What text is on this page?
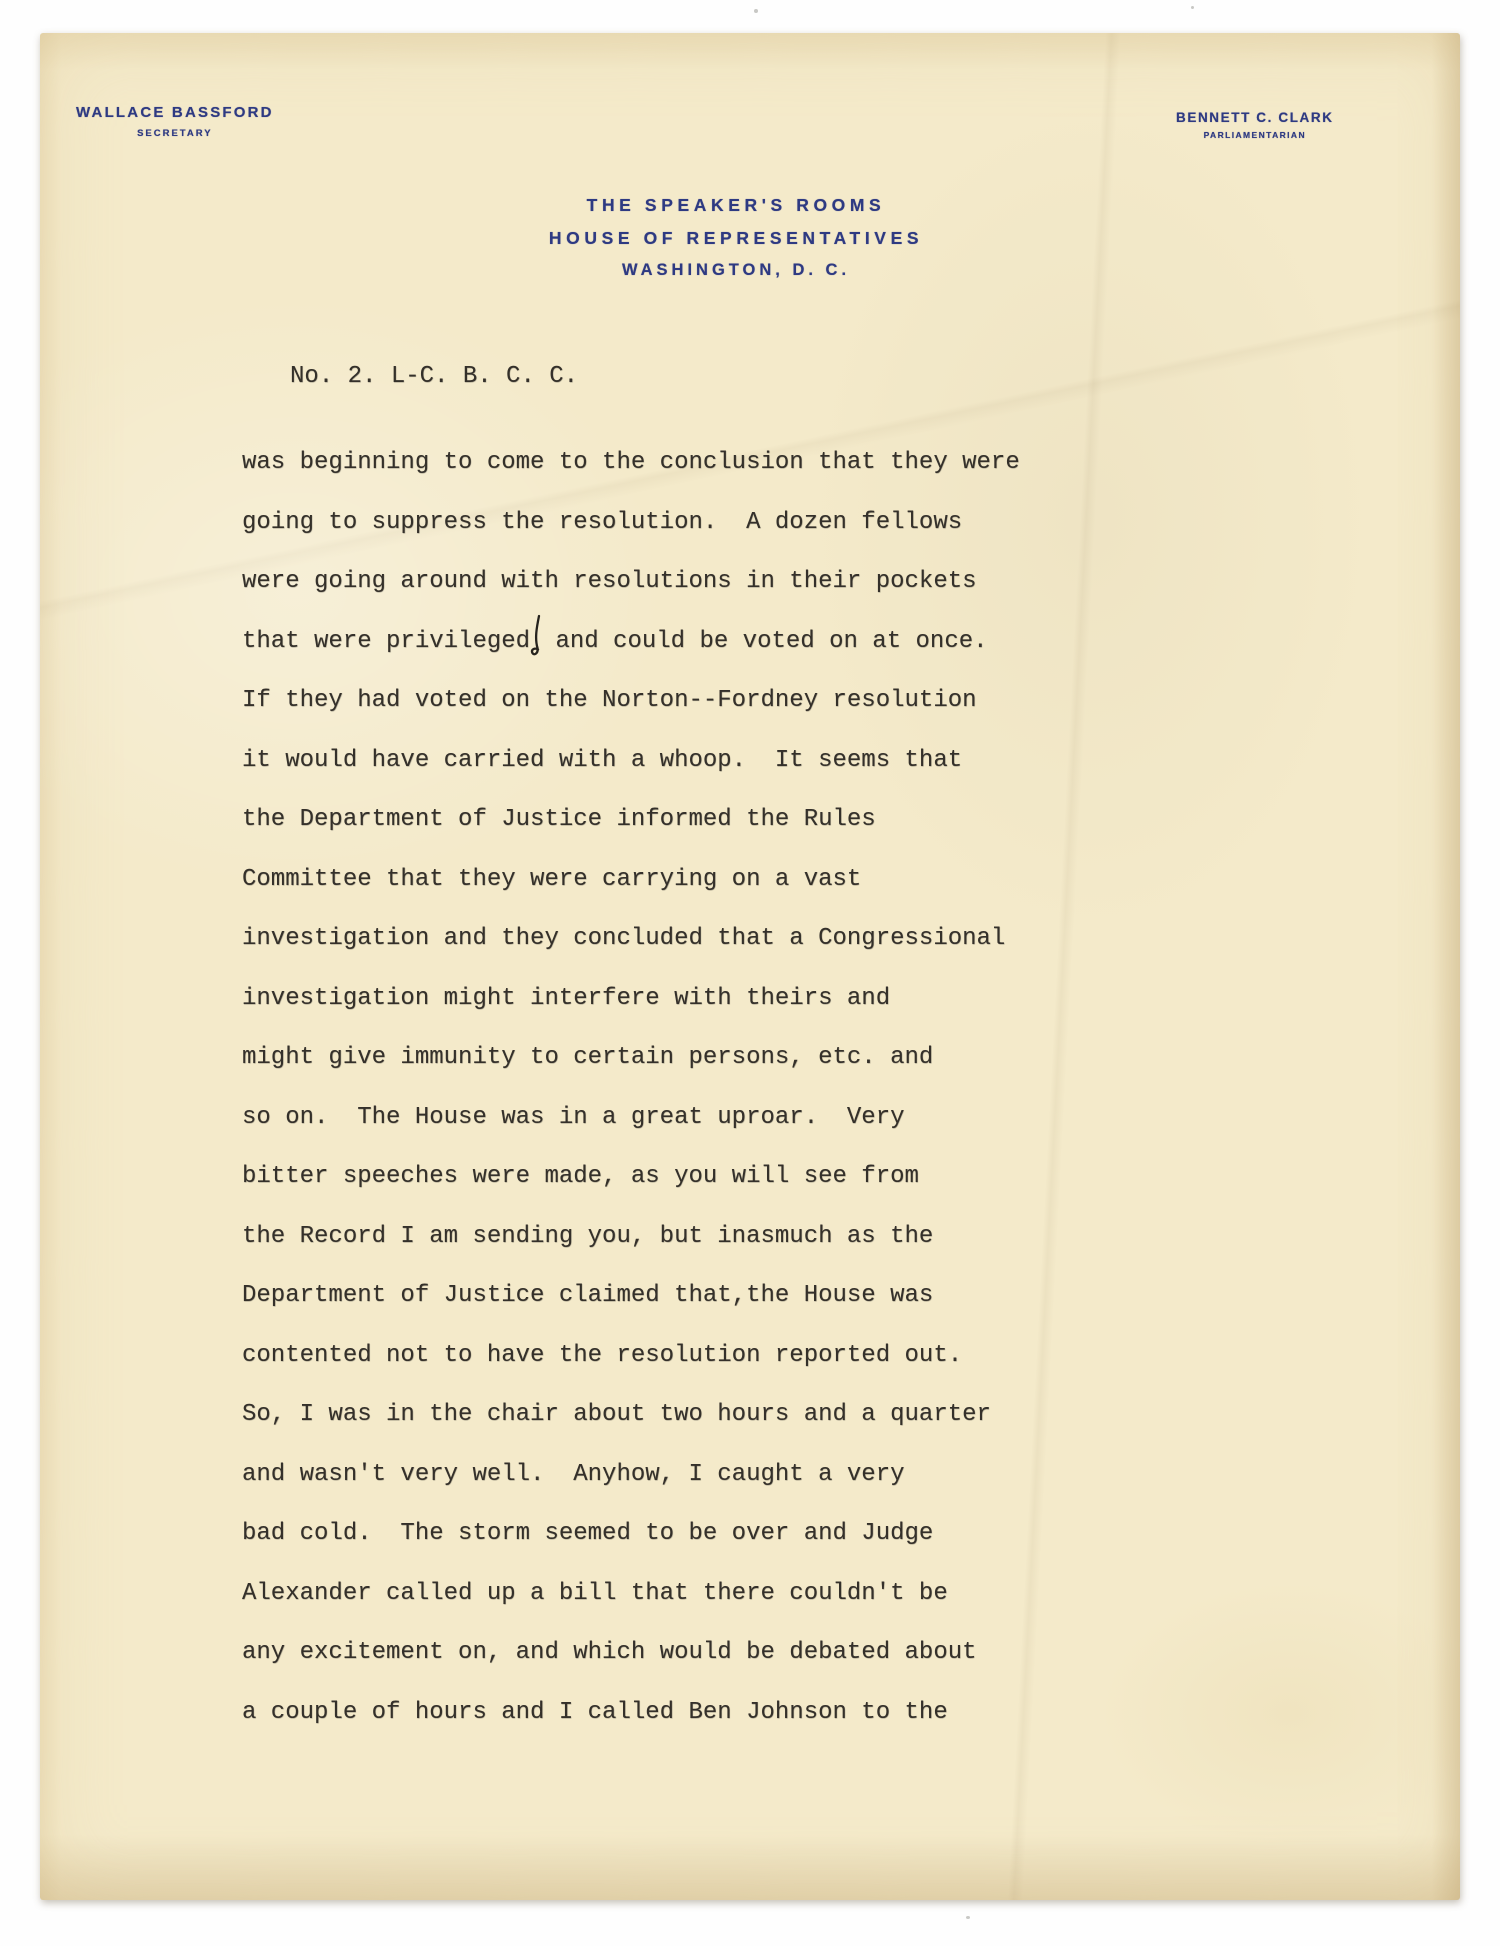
WALLACE BASSFORD
SECRETARY
BENNETT C. CLARK
PARLIAMENTARIAN
THE SPEAKER'S ROOMS
HOUSE OF REPRESENTATIVES
WASHINGTON, D. C.
No. 2. L-C. B. C. C.
was beginning to come to the conclusion that they were
going to suppress the resolution.  A dozen fellows
were going around with resolutions in their pockets
that were privileged and could be voted on at once.
If they had voted on the Norton--Fordney resolution
it would have carried with a whoop.  It seems that
the Department of Justice informed the Rules
Committee that they were carrying on a vast
investigation and they concluded that a Congressional
investigation might interfere with theirs and
might give immunity to certain persons, etc. and
so on.  The House was in a great uproar.  Very
bitter speeches were made, as you will see from
the Record I am sending you, but inasmuch as the
Department of Justice claimed that,the House was
contented not to have the resolution reported out.
So, I was in the chair about two hours and a quarter
and wasn't very well.  Anyhow, I caught a very
bad cold.  The storm seemed to be over and Judge
Alexander called up a bill that there couldn't be
any excitement on, and which would be debated about
a couple of hours and I called Ben Johnson to the
